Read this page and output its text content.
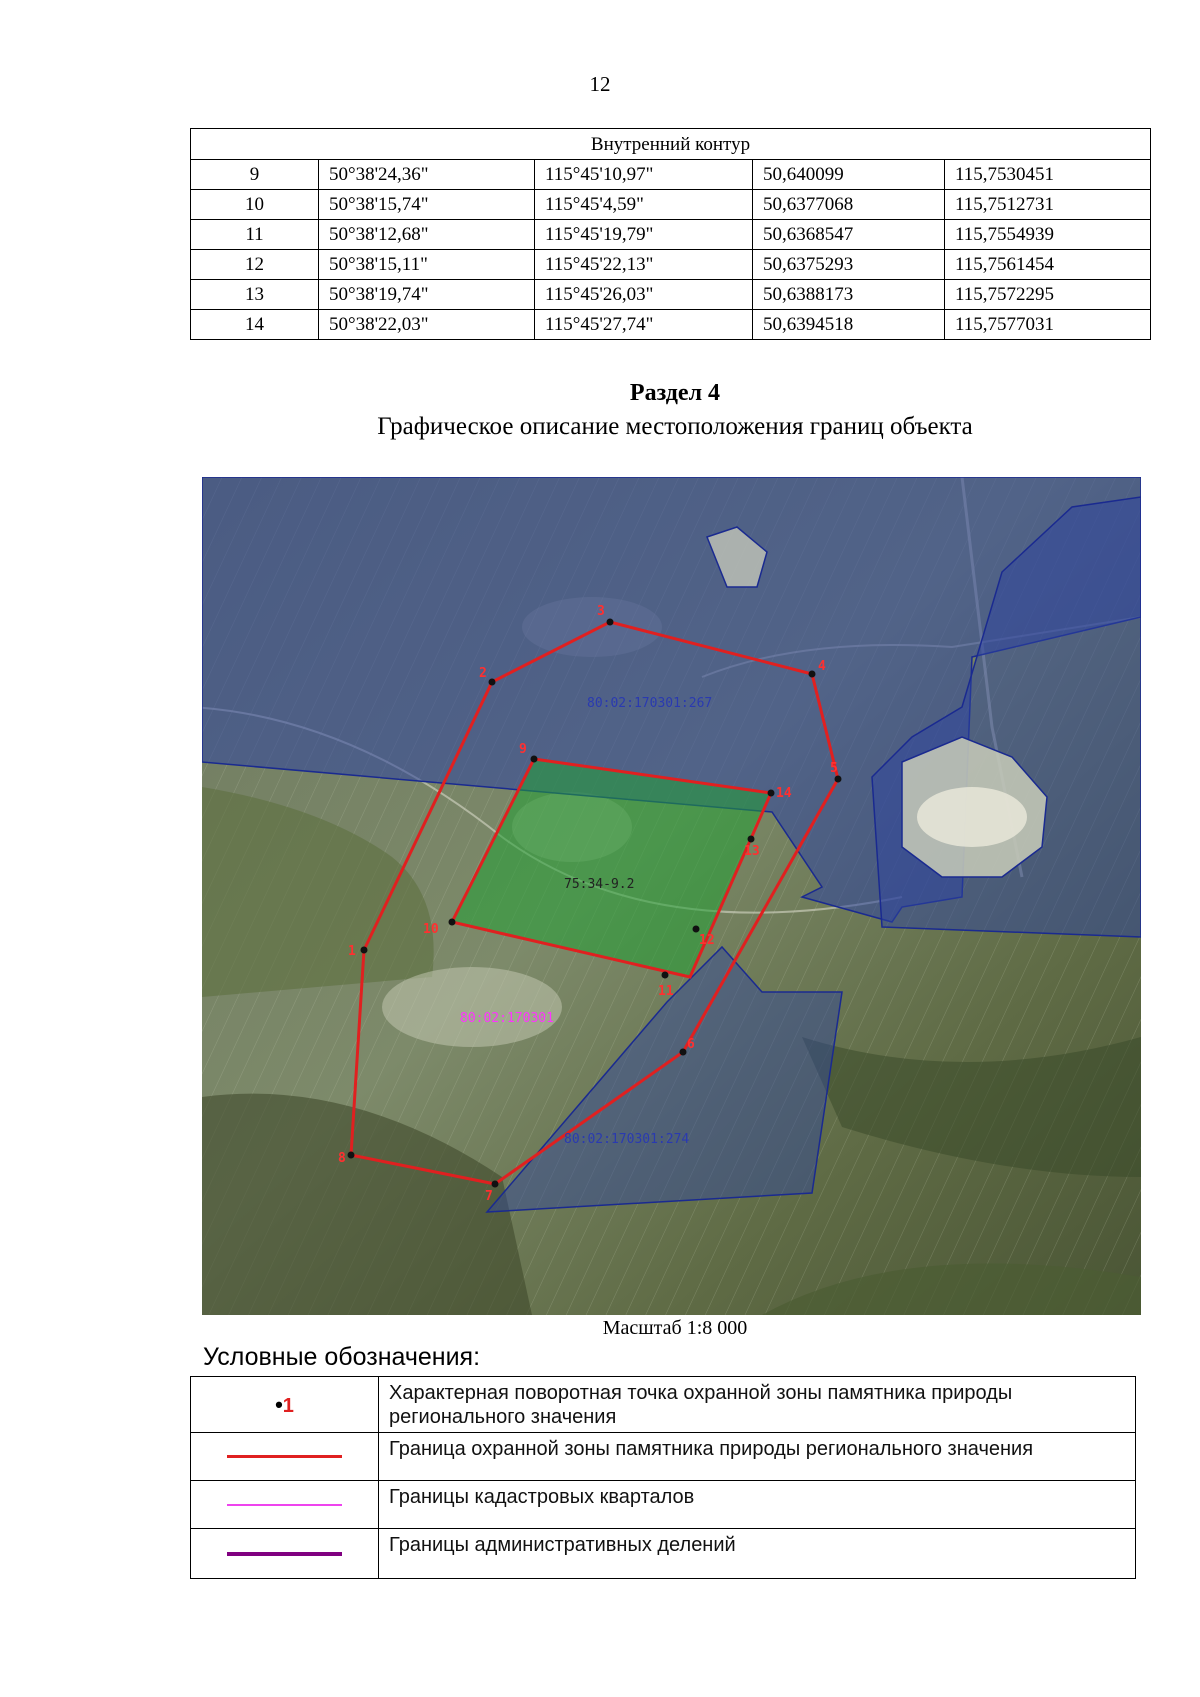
12
Внутренний контур				
9	50°38'24,36"	115°45'10,97"	50,640099	115,7530451
10	50°38'15,74"	115°45'4,59"	50,6377068	115,7512731
11	50°38'12,68"	115°45'19,79"	50,6368547	115,7554939
12	50°38'15,11"	115°45'22,13"	50,6375293	115,7561454
13	50°38'19,74"	115°45'26,03"	50,6388173	115,7572295
14	50°38'22,03"	115°45'27,74"	50,6394518	115,7577031
Раздел 4
Графическое описание местоположения границ объекта
1
2
3
4
5
6
7
8
9
10
11
12
13
14
80:02:170301:267
75:34-9.2
80:02:170301
80:02:170301:274
Масштаб 1:8 000
Условные обозначения:
•1	Характерная поворотная точка охранной зоны памятника природы регионального значения
	Граница охранной зоны памятника природы регионального значения
	Границы кадастровых кварталов
	Границы административных делений
